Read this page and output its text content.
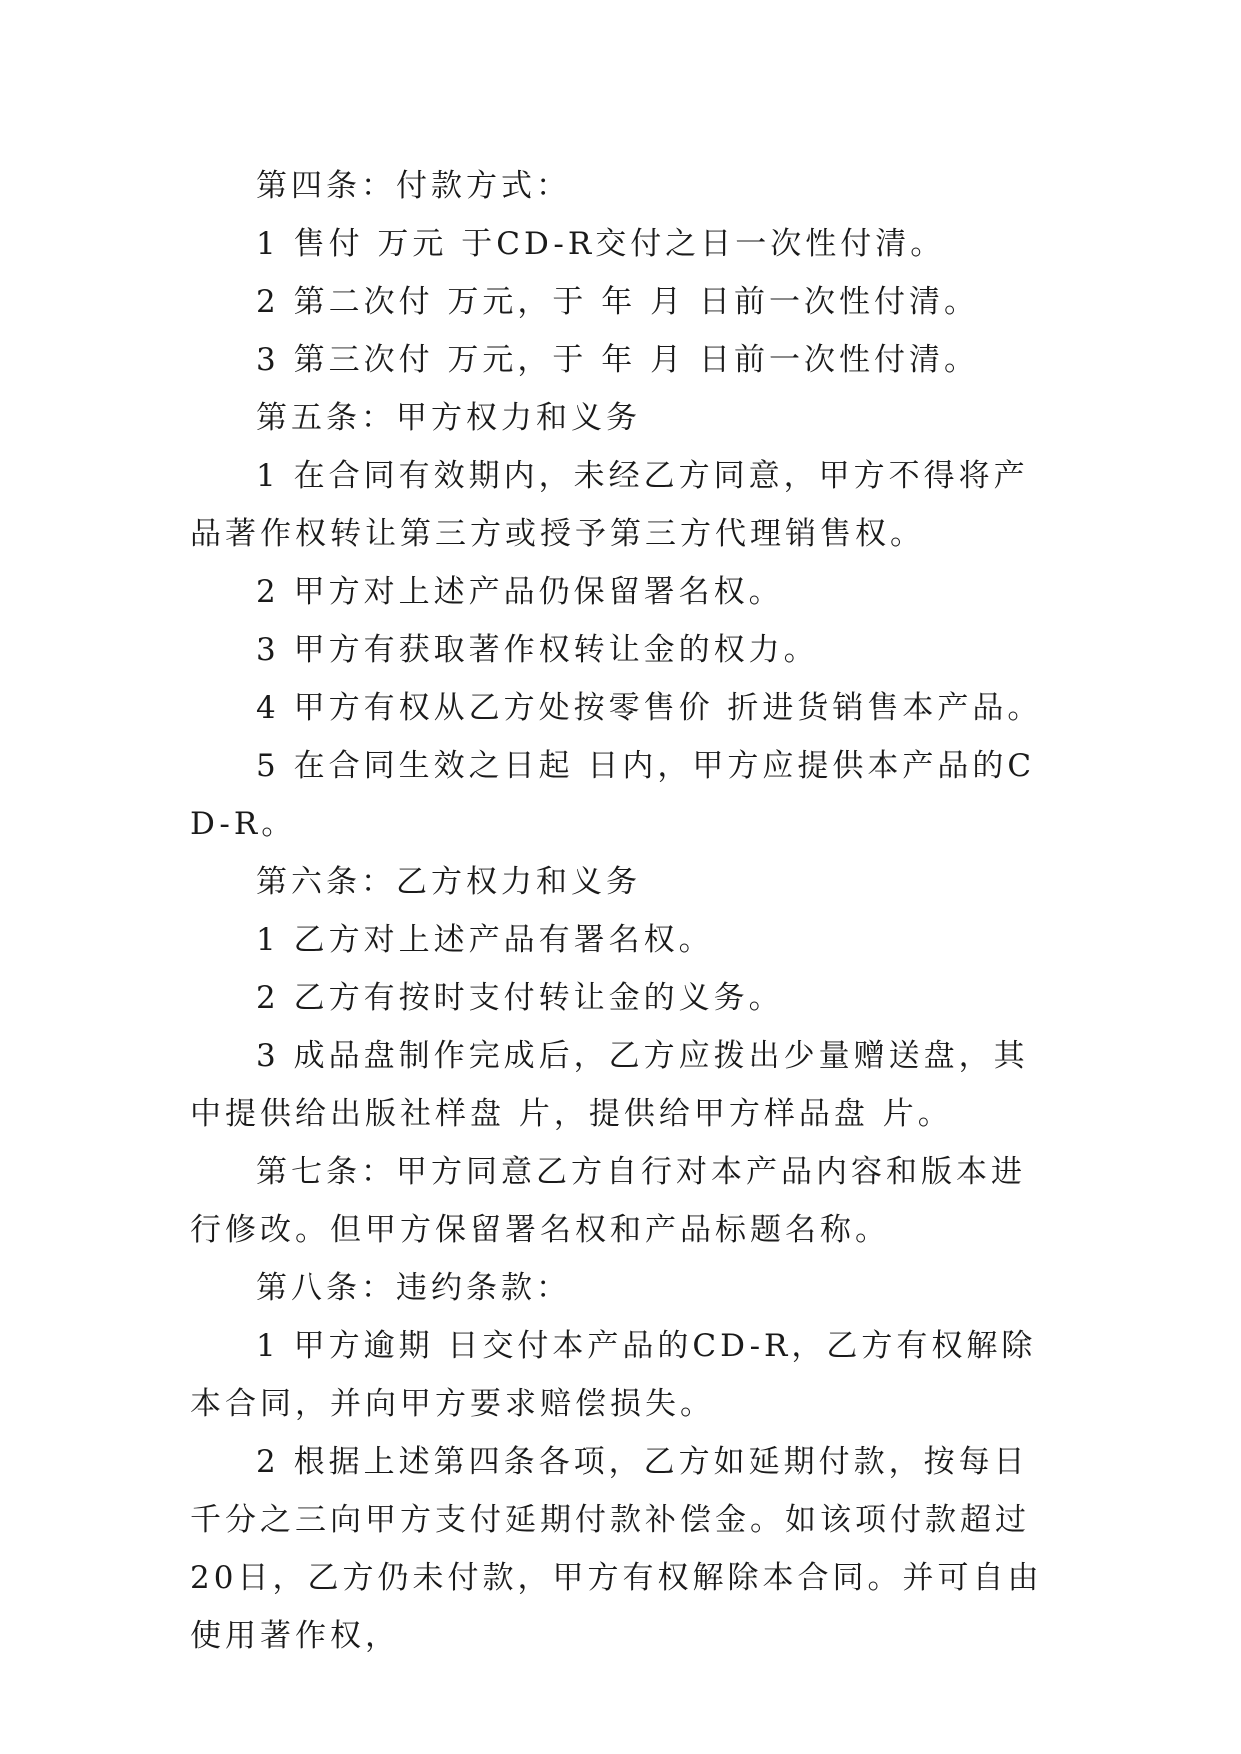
第四条：付款方式：

1 售付 万元 于CD-R交付之日一次性付清。

2 第二次付 万元，于 年 月 日前一次性付清。

3 第三次付 万元，于 年 月 日前一次性付清。

第五条：甲方权力和义务

1 在合同有效期内，未经乙方同意，甲方不得将产品著作权转让第三方或授予第三方代理销售权。

2 甲方对上述产品仍保留署名权。

3 甲方有获取著作权转让金的权力。

4 甲方有权从乙方处按零售价 折进货销售本产品。

5 在合同生效之日起 日内，甲方应提供本产品的CD-R。

第六条：乙方权力和义务

1 乙方对上述产品有署名权。

2 乙方有按时支付转让金的义务。

3 成品盘制作完成后，乙方应拨出少量赠送盘，其中提供给出版社样盘 片，提供给甲方样品盘 片。

第七条：甲方同意乙方自行对本产品内容和版本进行修改。但甲方保留署名权和产品标题名称。

第八条：违约条款：

1 甲方逾期 日交付本产品的CD-R，乙方有权解除本合同，并向甲方要求赔偿损失。

2 根据上述第四条各项，乙方如延期付款，按每日千分之三向甲方支付延期付款补偿金。如该项付款超过20日，乙方仍未付款，甲方有权解除本合同。并可自由使用著作权，
